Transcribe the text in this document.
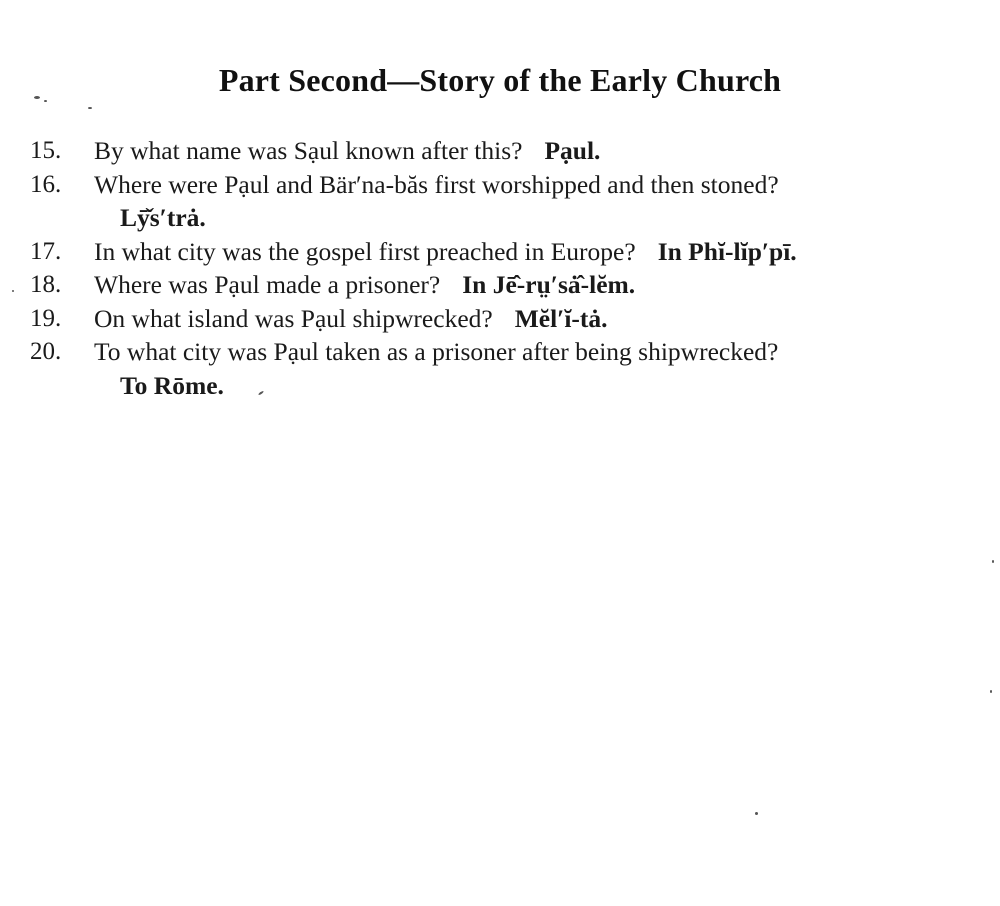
Part Second—Story of the Early Church
15.	By what name was Sạul known after this? Pạul.
16.	Where were Pạul and Bär′na-băs first worshipped and then stoned?
Lȳ̌s′trȧ.
17.	In what city was the gospel first preached in Europe? In Phĭ-lĭp′pī.
18.	Where was Pạul made a prisoner? In Jē̂-rṳ′sȧ̂-lĕm.
19.	On what island was Pạul shipwrecked? Mĕl′ĭ-tȧ.
20.	To what city was Pạul taken as a prisoner after being shipwrecked?
To Rōme.
